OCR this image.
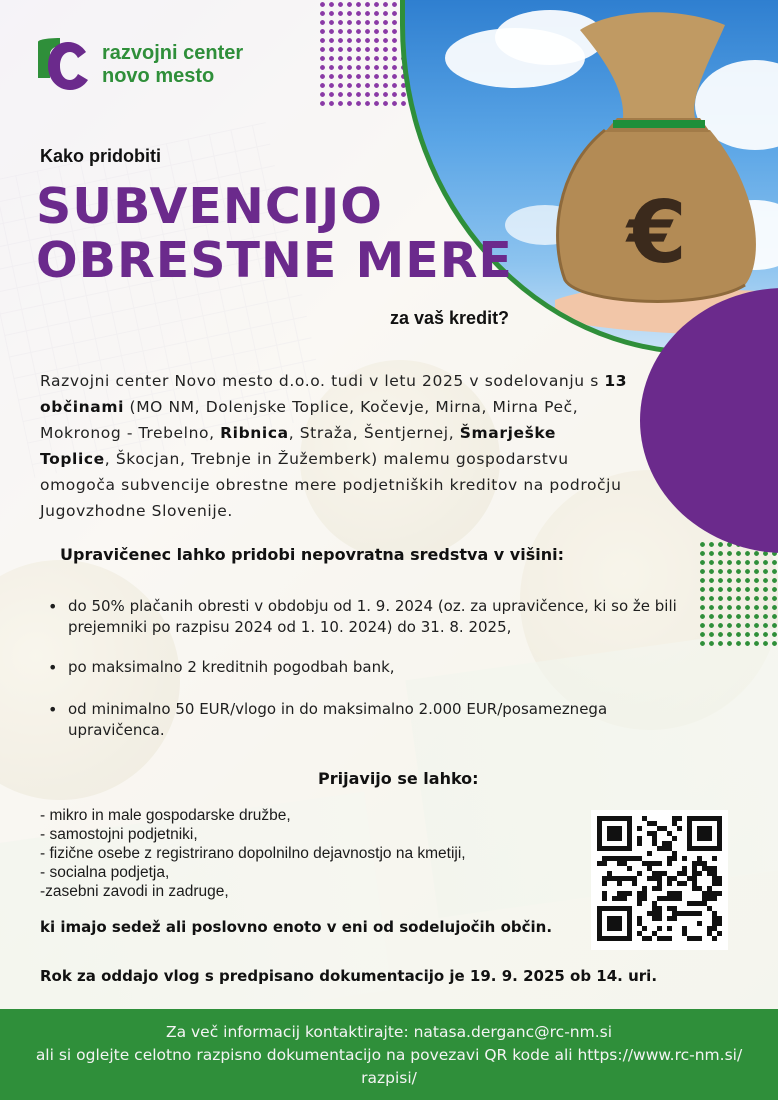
€
razvojni center
novo mesto
Kako pridobiti
SUBVENCIJO
OBRESTNE MERE
za vaš kredit?

Razvojni center Novo mesto d.o.o. tudi v letu 2025 v sodelovanju s 13 občinami (MO NM, Dolenjske Toplice, Kočevje, Mirna, Mirna Peč, Mokronog - Trebelno, Ribnica, Straža, Šentjernej, Šmarješke Toplice, Škocjan, Trebnje in Žužemberk) malemu gospodarstvu omogoča subvencije obrestne mere podjetniških kreditov na področju Jugovzhodne Slovenije.

Upravičenec lahko pridobi nepovratna sredstva v višini:
• do 50% plačanih obresti v obdobju od 1. 9. 2024 (oz. za upravičence, ki so že bili prejemniki po razpisu 2024 od 1. 10. 2024) do 31. 8. 2025,
• po maksimalno 2 kreditnih pogodbah bank,
• od minimalno 50 EUR/vlogo in do maksimalno 2.000 EUR/posameznega upravičenca.
Prijavijo se lahko:
- mikro in male gospodarske družbe,
- samostojni podjetniki,
- fizične osebe z registrirano dopolnilno dejavnostjo na kmetiji,
- socialna podjetja,
-zasebni zavodi in zadruge,
ki imajo sedež ali poslovno enoto v eni od sodelujočih občin.
Rok za oddajo vlog s predpisano dokumentacijo je 19. 9. 2025 ob 14. uri.
Za več informacij kontaktirajte: natasa.derganc@rc-nm.si
ali si oglejte celotno razpisno dokumentacijo na povezavi QR kode ali https://www.rc-nm.si/
razpisi/
